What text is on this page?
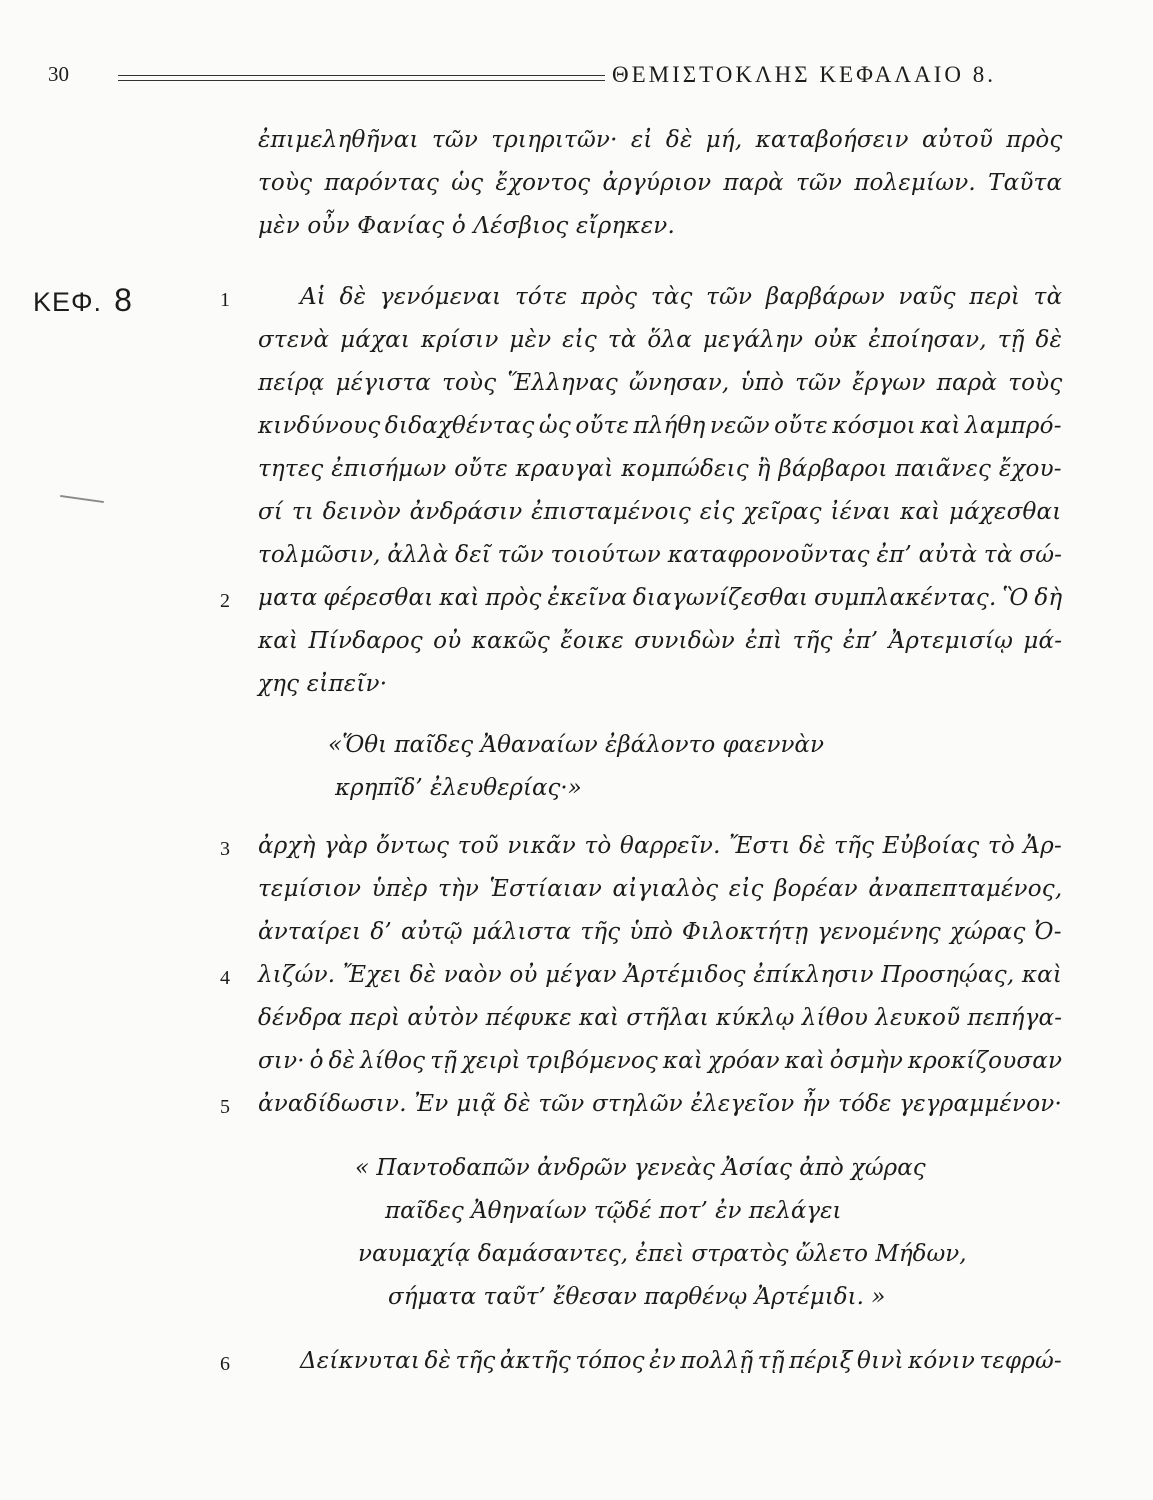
30	ΘΕΜΙΣΤΟΚΛΗΣ ΚΕΦΑΛΑΙΟ 8.
ΚΕΦ. 8
ἐπιμεληθῆναι τῶν τριηριτῶν· εἰ δὲ μή, καταβοήσειν αὐτοῦ πρὸς
τοὺς παρόντας ὡς ἔχοντος ἀργύριον παρὰ τῶν πολεμίων. Ταῦτα
μὲν οὖν Φανίας ὁ Λέσβιος εἴρηκεν.
1	Αἱ δὲ γενόμεναι τότε πρὸς τὰς τῶν βαρβάρων ναῦς περὶ τὰ
στενὰ μάχαι κρίσιν μὲν εἰς τὰ ὅλα μεγάλην οὐκ ἐποίησαν, τῇ δὲ
πείρᾳ μέγιστα τοὺς Ἕλληνας ὤνησαν, ὑπὸ τῶν ἔργων παρὰ τοὺς
κινδύνους διδαχθέντας ὡς οὔτε πλήθη νεῶν οὔτε κόσμοι καὶ λαμπρό-
τητες ἐπισήμων οὔτε κραυγαὶ κομπώδεις ἢ βάρβαροι παιᾶνες ἔχου-
σί τι δεινὸν ἀνδράσιν ἐπισταμένοις εἰς χεῖρας ἰέναι καὶ μάχεσθαι
τολμῶσιν, ἀλλὰ δεῖ τῶν τοιούτων καταφρονοῦντας ἐπ’ αὐτὰ τὰ σώ-
2 ματα φέρεσθαι καὶ πρὸς ἐκεῖνα διαγωνίζεσθαι συμπλακέντας. Ὃ δὴ
καὶ Πίνδαρος οὐ κακῶς ἔοικε συνιδὼν ἐπὶ τῆς ἐπ’ Ἀρτεμισίῳ μά-
χης εἰπεῖν·
«Ὅθι παῖδες Ἀθαναίων ἐβάλοντο φαεννὰν
κρηπῖδ’ ἐλευθερίας·»
3 ἀρχὴ γὰρ ὄντως τοῦ νικᾶν τὸ θαρρεῖν. Ἔστι δὲ τῆς Εὐβοίας τὸ Ἀρ-
τεμίσιον ὑπὲρ τὴν Ἑστίαιαν αἰγιαλὸς εἰς βορέαν ἀναπεπταμένος,
ἀνταίρει δ’ αὐτῷ μάλιστα τῆς ὑπὸ Φιλοκτήτῃ γενομένης χώρας Ὀ-
4 λιζών. Ἔχει δὲ ναὸν οὐ μέγαν Ἀρτέμιδος ἐπίκλησιν Προσηῴας, καὶ
δένδρα περὶ αὐτὸν πέφυκε καὶ στῆλαι κύκλῳ λίθου λευκοῦ πεπήγα-
σιν· ὁ δὲ λίθος τῇ χειρὶ τριβόμενος καὶ χρόαν καὶ ὀσμὴν κροκίζουσαν
5 ἀναδίδωσιν. Ἐν μιᾷ δὲ τῶν στηλῶν ἐλεγεῖον ἦν τόδε γεγραμμένον·
« Παντοδαπῶν ἀνδρῶν γενεὰς Ἀσίας ἀπὸ χώρας
παῖδες Ἀθηναίων τῷδέ ποτ’ ἐν πελάγει
ναυμαχίᾳ δαμάσαντες, ἐπεὶ στρατὸς ὤλετο Μήδων,
σήματα ταῦτ’ ἔθεσαν παρθένῳ Ἀρτέμιδι. »
6	Δείκνυται δὲ τῆς ἀκτῆς τόπος ἐν πολλῇ τῇ πέριξ θινὶ κόνιν τεφρώ-
